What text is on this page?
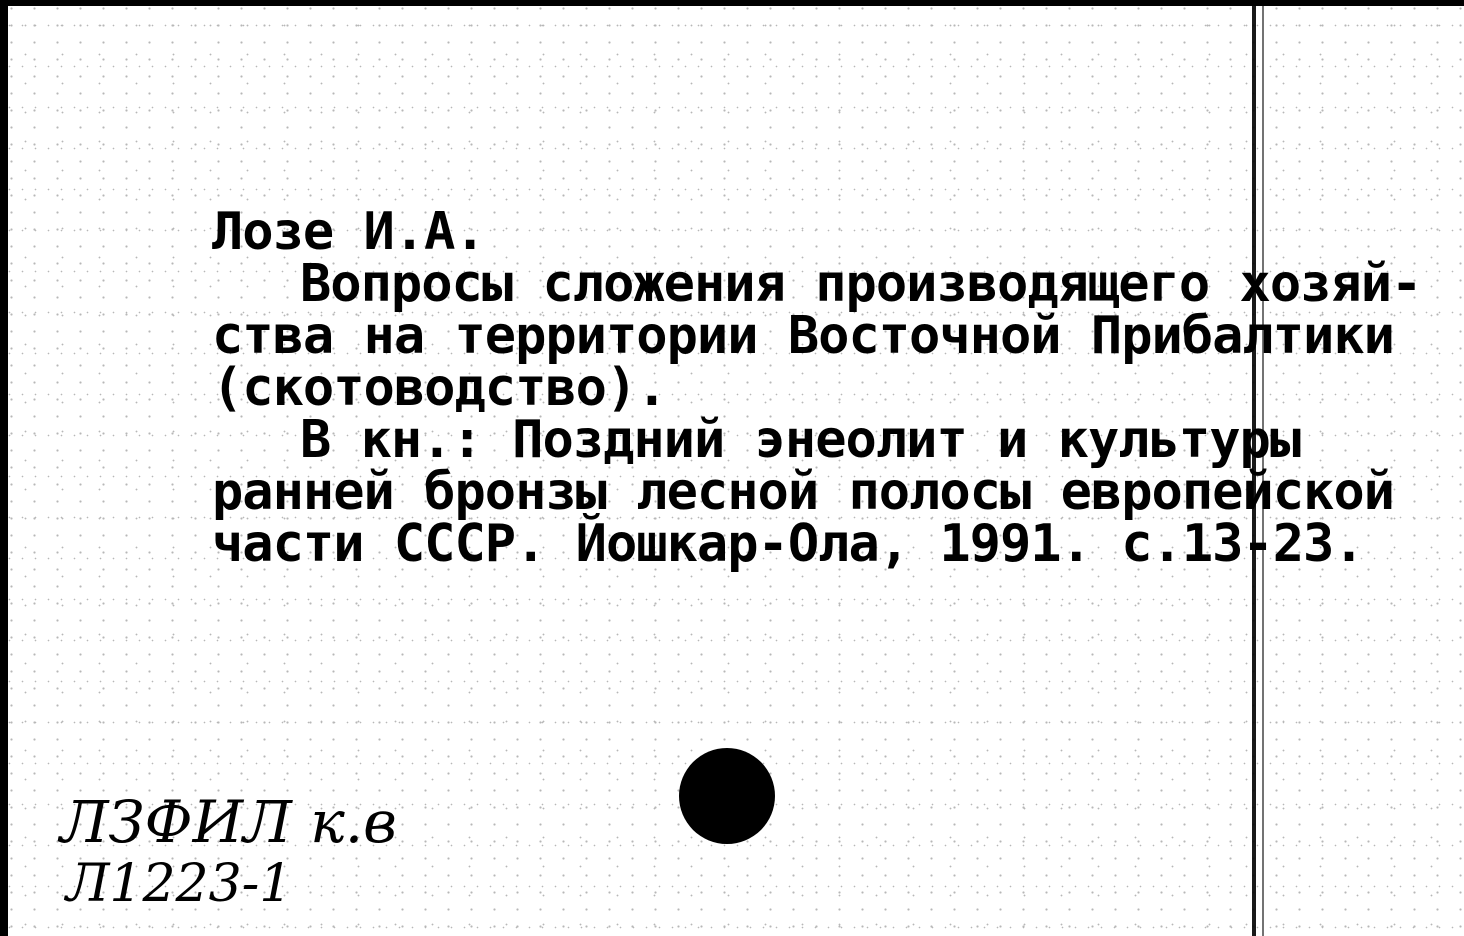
Лозе И.А.
Вопросы сложения производящего хозяй-
ства на территории Восточной Прибалтики
(скотоводство).
В кн.: Поздний энеолит и культуры
ранней бронзы лесной полосы европейской
части СССР. Йошкар-Ола, 1991. с.13-23.
ЛЗФИЛ к.в
Л1223-1
